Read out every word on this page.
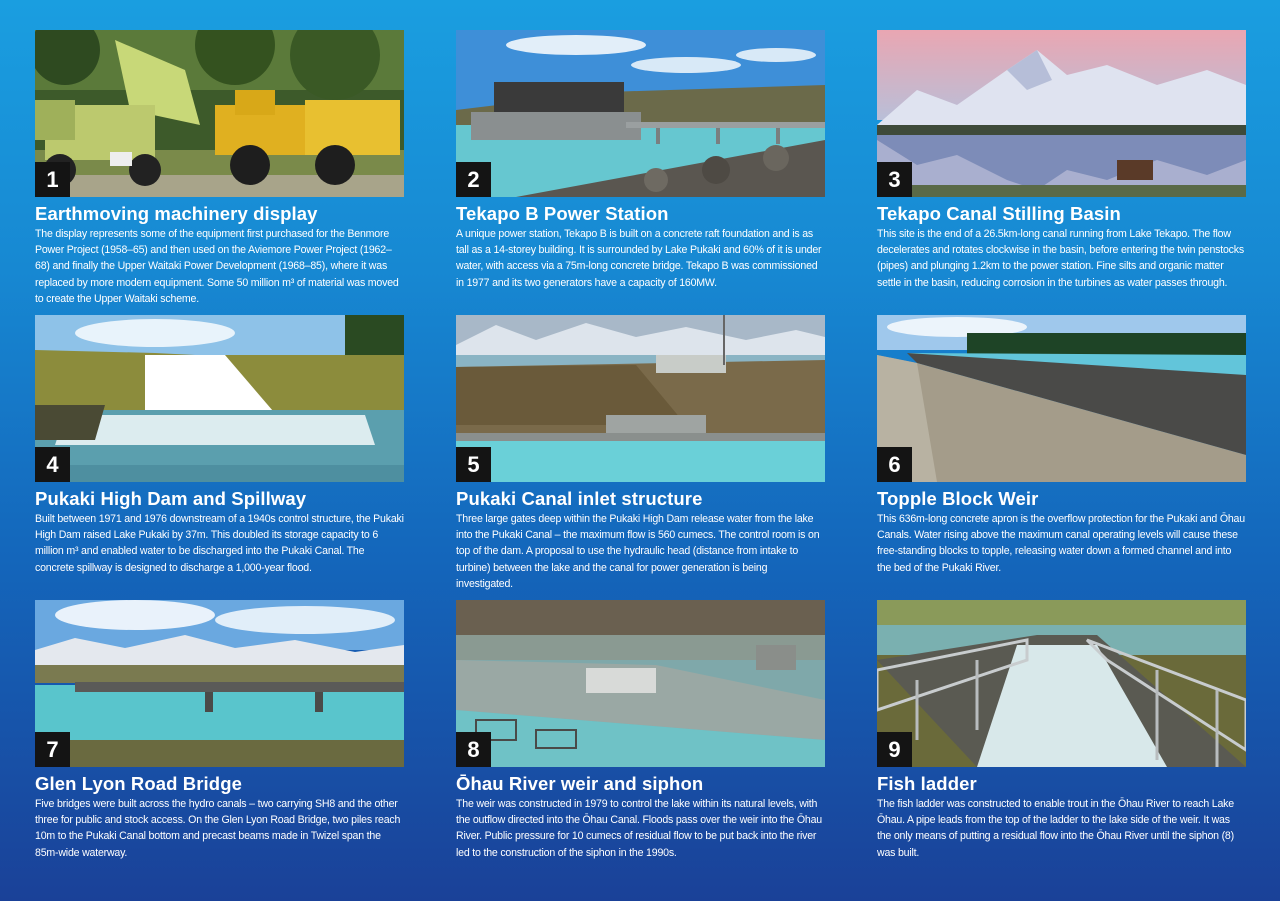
1
Earthmoving machinery display
The display represents some of the equipment first purchased for the Benmore Power Project (1958–65) and then used on the Aviemore Power Project (1962–68) and finally the Upper Waitaki Power Development (1968–85), where it was replaced by more modern equipment. Some 50 million m³ of material was moved to create the Upper Waitaki scheme.
2
Tekapo B Power Station
A unique power station, Tekapo B is built on a concrete raft foundation and is as tall as a 14-storey building. It is surrounded by Lake Pukaki and 60% of it is under water, with access via a 75m-long concrete bridge. Tekapo B was commissioned in 1977 and its two generators have a capacity of 160MW.
3
Tekapo Canal Stilling Basin
This site is the end of a 26.5km-long canal running from Lake Tekapo. The flow decelerates and rotates clockwise in the basin, before entering the twin penstocks (pipes) and plunging 1.2km to the power station. Fine silts and organic matter settle in the basin, reducing corrosion in the turbines as water passes through.
4
Pukaki High Dam and Spillway
Built between 1971 and 1976 downstream of a 1940s control structure, the Pukaki High Dam raised Lake Pukaki by 37m. This doubled its storage capacity to 6 million m³ and enabled water to be discharged into the Pukaki Canal. The concrete spillway is designed to discharge a 1,000-year flood.
5
Pukaki Canal inlet structure
Three large gates deep within the Pukaki High Dam release water from the lake into the Pukaki Canal – the maximum flow is 560 cumecs. The control room is on top of the dam. A proposal to use the hydraulic head (distance from intake to turbine) between the lake and the canal for power generation is being investigated.
6
Topple Block Weir
This 636m-long concrete apron is the overflow protection for the Pukaki and Ōhau Canals. Water rising above the maximum canal operating levels will cause these free-standing blocks to topple, releasing water down a formed channel and into the bed of the Pukaki River.
7
Glen Lyon Road Bridge
Five bridges were built across the hydro canals – two carrying SH8 and the other three for public and stock access. On the Glen Lyon Road Bridge, two piles reach 10m to the Pukaki Canal bottom and precast beams made in Twizel span the 85m-wide waterway.
8
Ōhau River weir and siphon
The weir was constructed in 1979 to control the lake within its natural levels, with the outflow directed into the Ōhau Canal. Floods pass over the weir into the Ōhau River. Public pressure for 10 cumecs of residual flow to be put back into the river led to the construction of the siphon in the 1990s.
9
Fish ladder
The fish ladder was constructed to enable trout in the Ōhau River to reach Lake Ōhau. A pipe leads from the top of the ladder to the lake side of the weir. It was the only means of putting a residual flow into the Ōhau River until the siphon (8) was built.
